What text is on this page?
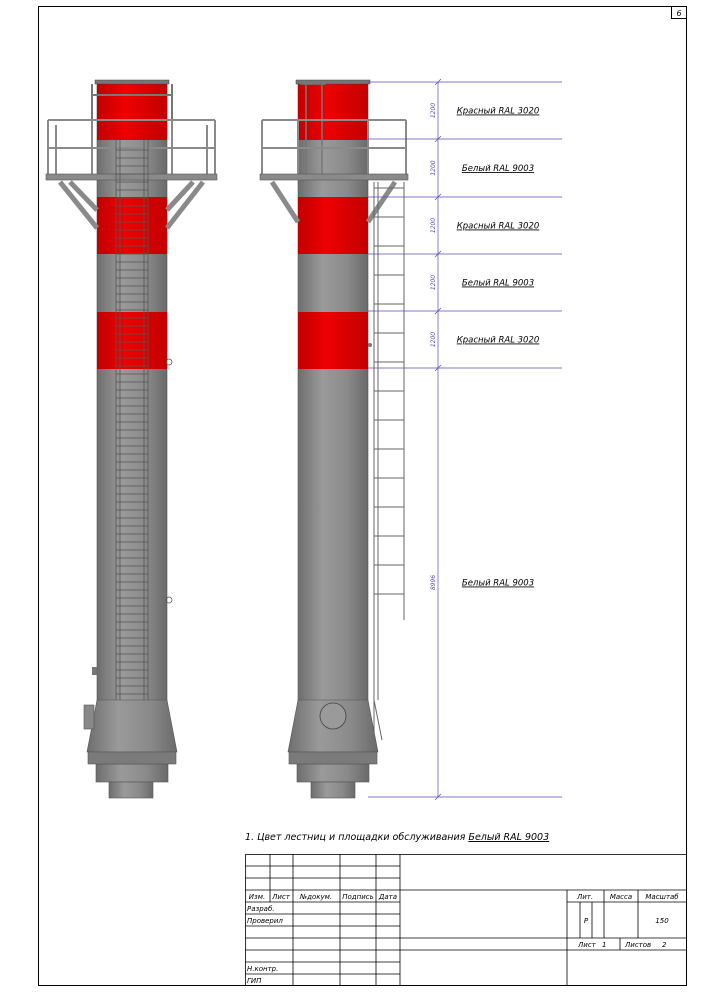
6
1200
1200
1200
1200
1200
8996
Красный RAL 3020
Белый RAL 9003
Красный RAL 3020
Белый RAL 9003
Красный RAL 3020
Белый RAL 9003
1. Цвет лестниц и площадки обслуживания Белый RAL 9003
Изм. Лист №докум. Подпись Дата
Разраб.
Проверил
Н.контр.
ГИП
Лит. Масса Масштаб
Р	150
Лист 1	Листов 2
